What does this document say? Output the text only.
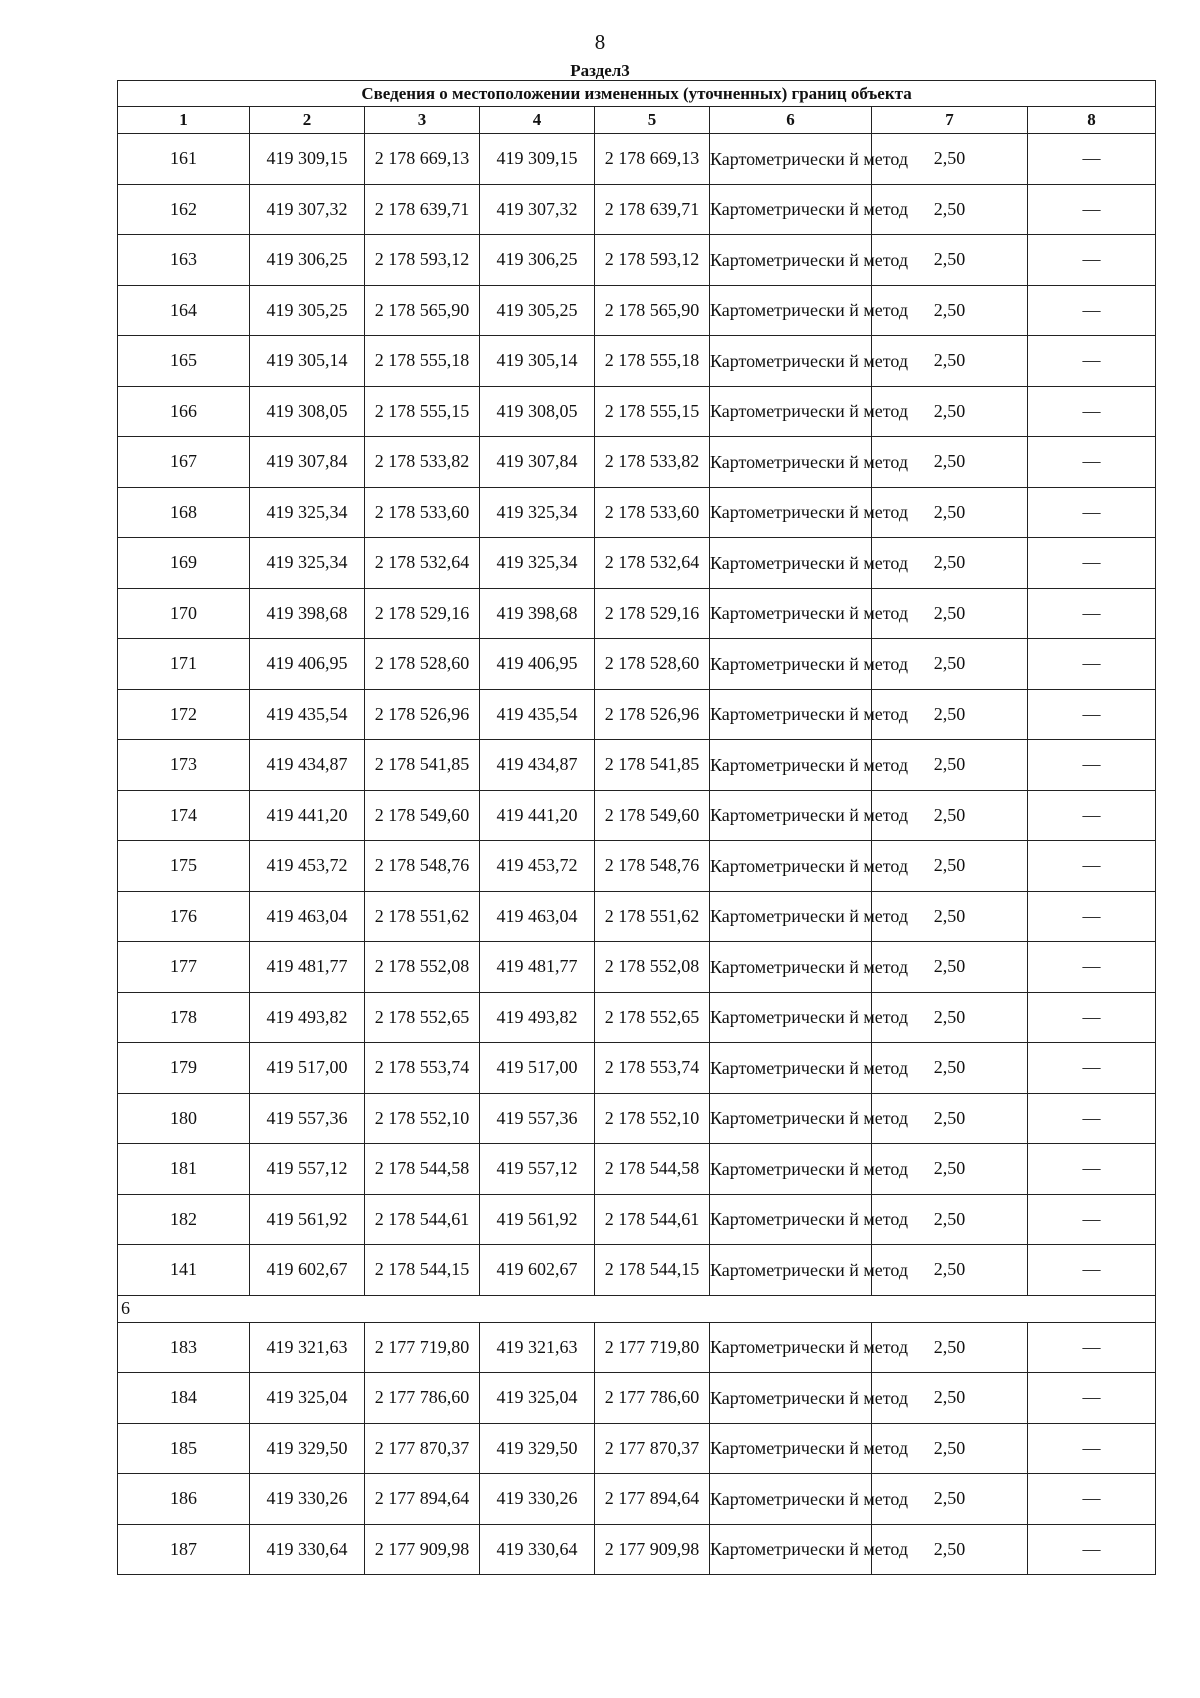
8
Раздел3
Сведения о местоположении измененных (уточненных) границ объекта							
1	2	3	4	5	6	7	8
161	419 309,15	2 178 669,13	419 309,15	2 178 669,13	Картометрически й метод	2,50	—
162	419 307,32	2 178 639,71	419 307,32	2 178 639,71	Картометрически й метод	2,50	—
163	419 306,25	2 178 593,12	419 306,25	2 178 593,12	Картометрически й метод	2,50	—
164	419 305,25	2 178 565,90	419 305,25	2 178 565,90	Картометрически й метод	2,50	—
165	419 305,14	2 178 555,18	419 305,14	2 178 555,18	Картометрически й метод	2,50	—
166	419 308,05	2 178 555,15	419 308,05	2 178 555,15	Картометрически й метод	2,50	—
167	419 307,84	2 178 533,82	419 307,84	2 178 533,82	Картометрически й метод	2,50	—
168	419 325,34	2 178 533,60	419 325,34	2 178 533,60	Картометрически й метод	2,50	—
169	419 325,34	2 178 532,64	419 325,34	2 178 532,64	Картометрически й метод	2,50	—
170	419 398,68	2 178 529,16	419 398,68	2 178 529,16	Картометрически й метод	2,50	—
171	419 406,95	2 178 528,60	419 406,95	2 178 528,60	Картометрически й метод	2,50	—
172	419 435,54	2 178 526,96	419 435,54	2 178 526,96	Картометрически й метод	2,50	—
173	419 434,87	2 178 541,85	419 434,87	2 178 541,85	Картометрически й метод	2,50	—
174	419 441,20	2 178 549,60	419 441,20	2 178 549,60	Картометрически й метод	2,50	—
175	419 453,72	2 178 548,76	419 453,72	2 178 548,76	Картометрически й метод	2,50	—
176	419 463,04	2 178 551,62	419 463,04	2 178 551,62	Картометрически й метод	2,50	—
177	419 481,77	2 178 552,08	419 481,77	2 178 552,08	Картометрически й метод	2,50	—
178	419 493,82	2 178 552,65	419 493,82	2 178 552,65	Картометрически й метод	2,50	—
179	419 517,00	2 178 553,74	419 517,00	2 178 553,74	Картометрически й метод	2,50	—
180	419 557,36	2 178 552,10	419 557,36	2 178 552,10	Картометрически й метод	2,50	—
181	419 557,12	2 178 544,58	419 557,12	2 178 544,58	Картометрически й метод	2,50	—
182	419 561,92	2 178 544,61	419 561,92	2 178 544,61	Картометрически й метод	2,50	—
141	419 602,67	2 178 544,15	419 602,67	2 178 544,15	Картометрически й метод	2,50	—
6							
183	419 321,63	2 177 719,80	419 321,63	2 177 719,80	Картометрически й метод	2,50	—
184	419 325,04	2 177 786,60	419 325,04	2 177 786,60	Картометрически й метод	2,50	—
185	419 329,50	2 177 870,37	419 329,50	2 177 870,37	Картометрически й метод	2,50	—
186	419 330,26	2 177 894,64	419 330,26	2 177 894,64	Картометрически й метод	2,50	—
187	419 330,64	2 177 909,98	419 330,64	2 177 909,98	Картометрически й метод	2,50	—
